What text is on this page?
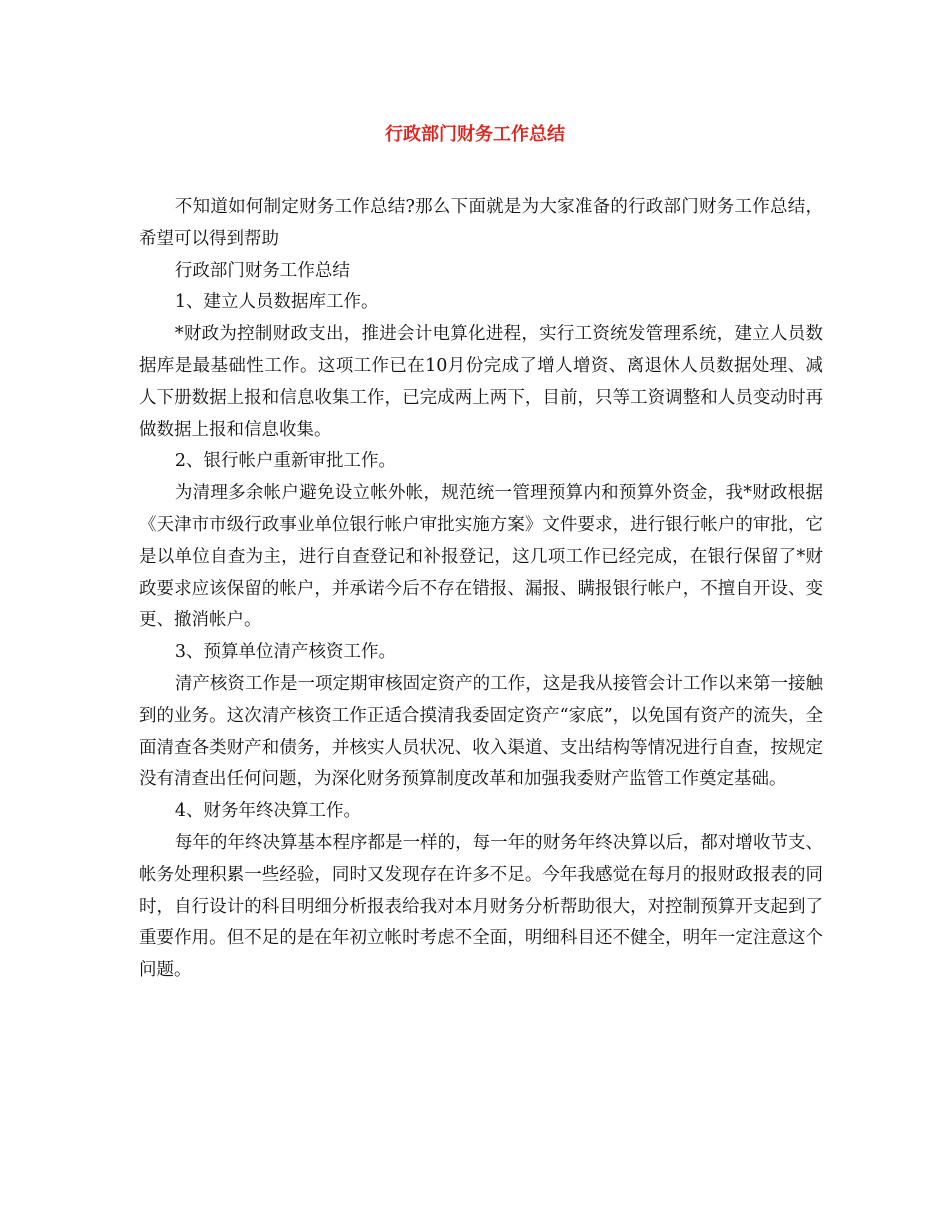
行政部门财务工作总结

不知道如何制定财务工作总结?那么下面就是为大家准备的行政部门财务工作总结，希望可以得到帮助

行政部门财务工作总结

1、建立人员数据库工作。

*财政为控制财政支出，推进会计电算化进程，实行工资统发管理系统，建立人员数据库是最基础性工作。这项工作已在10月份完成了增人增资、离退休人员数据处理、减人下册数据上报和信息收集工作，已完成两上两下，目前，只等工资调整和人员变动时再做数据上报和信息收集。

2、银行帐户重新审批工作。

为清理多余帐户避免设立帐外帐，规范统一管理预算内和预算外资金，我*财政根据《天津市市级行政事业单位银行帐户审批实施方案》文件要求，进行银行帐户的审批，它是以单位自查为主，进行自查登记和补报登记，这几项工作已经完成，在银行保留了*财政要求应该保留的帐户，并承诺今后不存在错报、漏报、瞒报银行帐户，不擅自开设、变更、撤消帐户。

3、预算单位清产核资工作。

清产核资工作是一项定期审核固定资产的工作，这是我从接管会计工作以来第一接触到的业务。这次清产核资工作正适合摸清我委固定资产“家底”，以免国有资产的流失，全面清查各类财产和债务，并核实人员状况、收入渠道、支出结构等情况进行自查，按规定没有清查出任何问题，为深化财务预算制度改革和加强我委财产监管工作奠定基础。

4、财务年终决算工作。

每年的年终决算基本程序都是一样的，每一年的财务年终决算以后，都对增收节支、帐务处理积累一些经验，同时又发现存在许多不足。今年我感觉在每月的报财政报表的同时，自行设计的科目明细分析报表给我对本月财务分析帮助很大，对控制预算开支起到了重要作用。但不足的是在年初立帐时考虑不全面，明细科目还不健全，明年一定注意这个问题。
